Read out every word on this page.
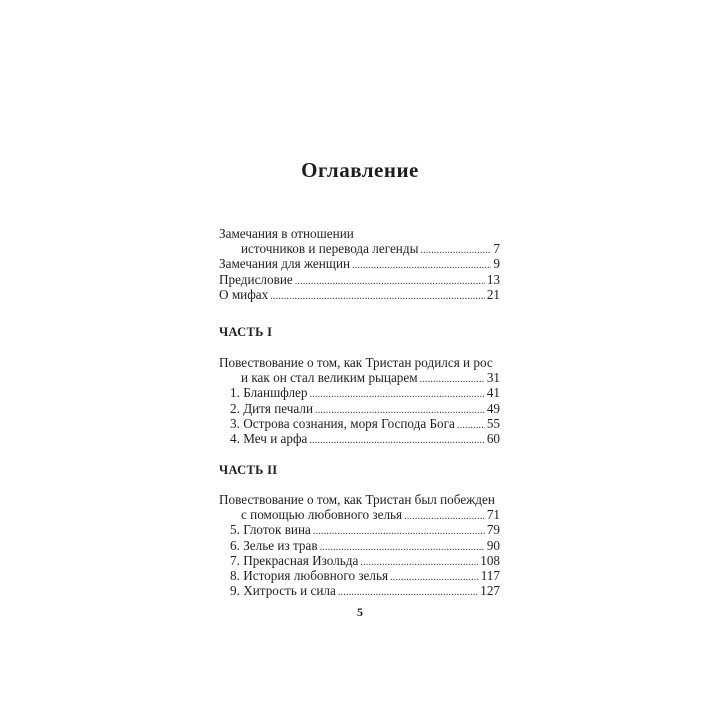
Оглавление
Замечания в отношении
источников и перевода легенды .....	7
Замечания для женщин .....	9
Предисловие .....	13
О мифах .....	21
ЧАСТЬ I
Повествование о том, как Тристан родился и рос
и как он стал великим рыцарем .....	31
1. Бланшфлер .....	41
2. Дитя печали .....	49
3. Острова сознания, моря Господа Бога ..... 55
4. Меч и арфа .....	60
ЧАСТЬ II
Повествование о том, как Тристан был побежден
с помощью любовного зелья .....	71
5. Глоток вина .....	79
6. Зелье из трав .....	90
7. Прекрасная Изольда .....	108
8. История любовного зелья .....	117
9. Хитрость и сила .....	127
5
